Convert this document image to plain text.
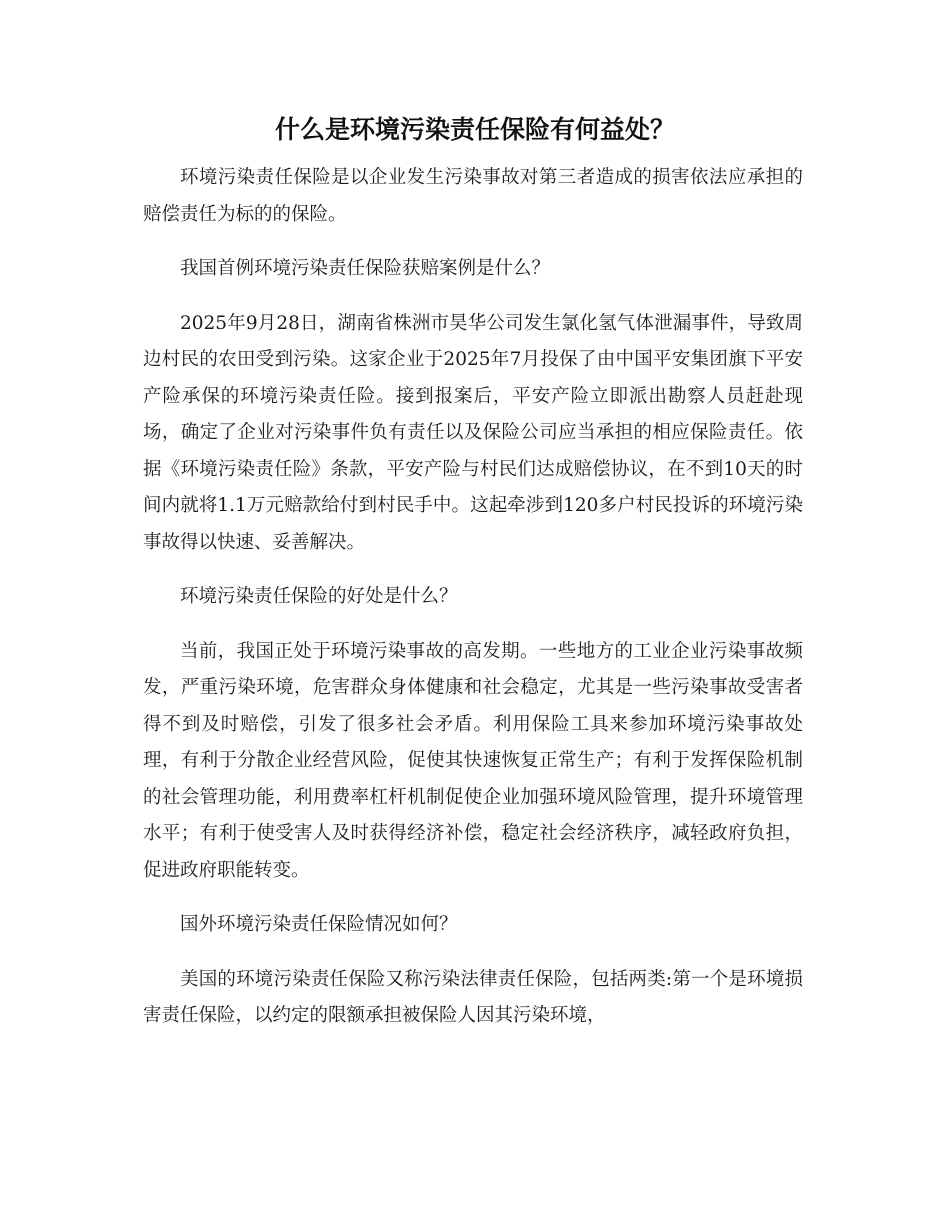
什么是环境污染责任保险有何益处？

环境污染责任保险是以企业发生污染事故对第三者造成的损害依法应承担的赔偿责任为标的的保险。

我国首例环境污染责任保险获赔案例是什么？

2025年9月28日，湖南省株洲市昊华公司发生氯化氢气体泄漏事件，导致周边村民的农田受到污染。这家企业于2025年7月投保了由中国平安集团旗下平安产险承保的环境污染责任险。接到报案后，平安产险立即派出勘察人员赶赴现场，确定了企业对污染事件负有责任以及保险公司应当承担的相应保险责任。依据《环境污染责任险》条款，平安产险与村民们达成赔偿协议，在不到10天的时间内就将1.1万元赔款给付到村民手中。这起牵涉到120多户村民投诉的环境污染事故得以快速、妥善解决。

环境污染责任保险的好处是什么？

当前，我国正处于环境污染事故的高发期。一些地方的工业企业污染事故频发，严重污染环境，危害群众身体健康和社会稳定，尤其是一些污染事故受害者得不到及时赔偿，引发了很多社会矛盾。利用保险工具来参加环境污染事故处理，有利于分散企业经营风险，促使其快速恢复正常生产；有利于发挥保险机制的社会管理功能，利用费率杠杆机制促使企业加强环境风险管理，提升环境管理水平；有利于使受害人及时获得经济补偿，稳定社会经济秩序，减轻政府负担，促进政府职能转变。

国外环境污染责任保险情况如何？

美国的环境污染责任保险又称污染法律责任保险，包括两类:第一个是环境损害责任保险，以约定的限额承担被保险人因其污染环境，
